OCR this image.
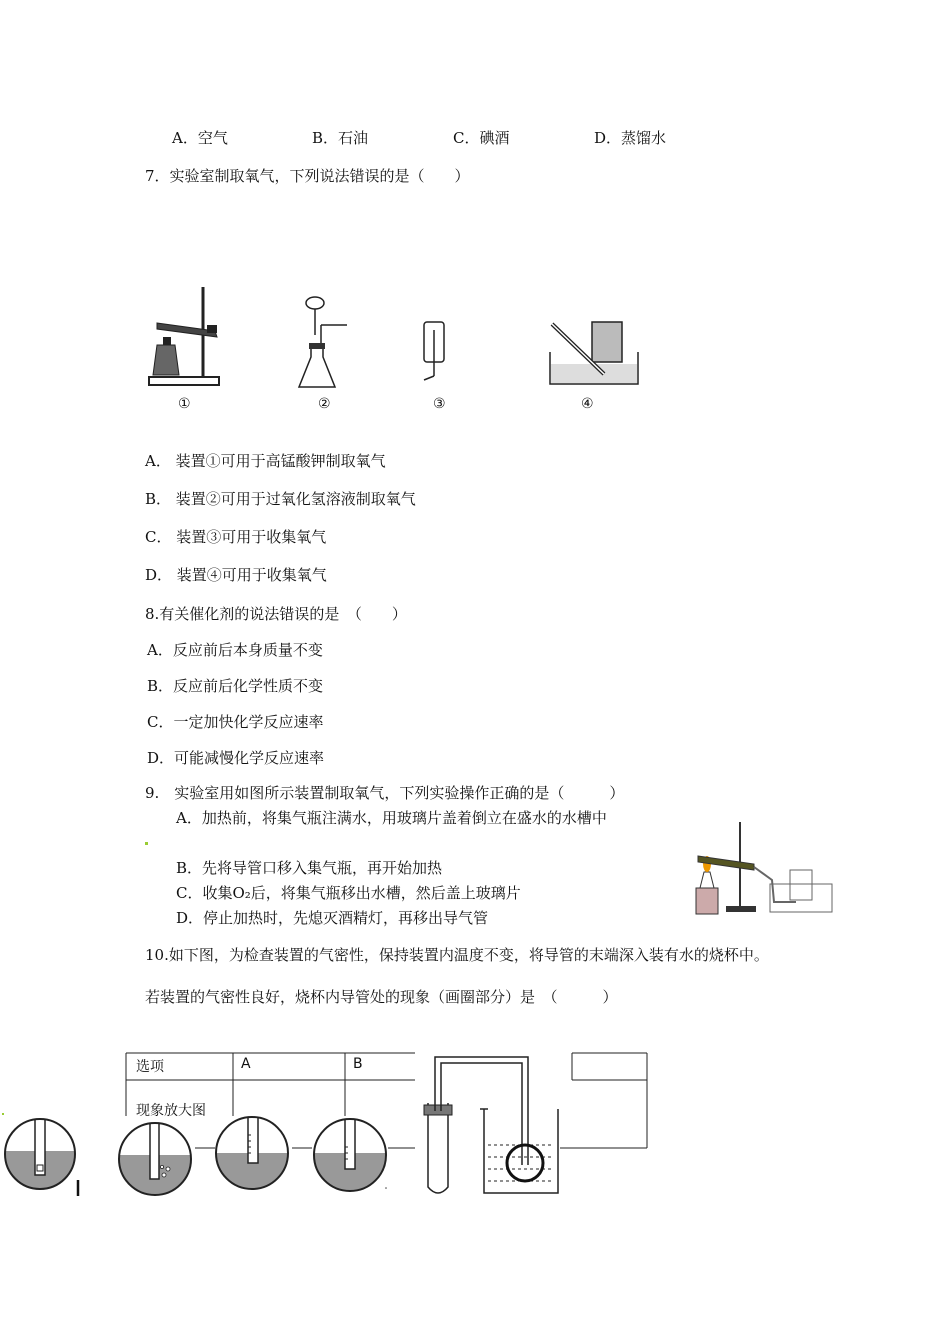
A．空气	B．石油	C．碘酒	D．蒸馏水
7．实验室制取氧气，下列说法错误的是（　　）
①	②	③	④
A． 装置①可用于高锰酸钾制取氧气
B． 装置②可用于过氧化氢溶液制取氧气
C． 装置③可用于收集氧气
D． 装置④可用于收集氧气
8.有关催化剂的说法错误的是　（　　）
A．反应前后本身质量不变
B．反应前后化学性质不变
C．一定加快化学反应速率
D．可能减慢化学反应速率
9.　实验室用如图所示装置制取氧气，下列实验操作正确的是（　　　）
A．加热前，将集气瓶注满水，用玻璃片盖着倒立在盛水的水槽中
B．先将导管口移入集气瓶，再开始加热
C．收集O₂后，将集气瓶移出水槽，然后盖上玻璃片
D．停止加热时，先熄灭酒精灯，再移出导气管
10.如下图，为检查装置的气密性，保持装置内温度不变，将导管的末端深入装有水的烧杯中。
若装置的气密性良好，烧杯内导管处的现象（画圈部分）是　（　　　）
选项	A	B
现象放大图
